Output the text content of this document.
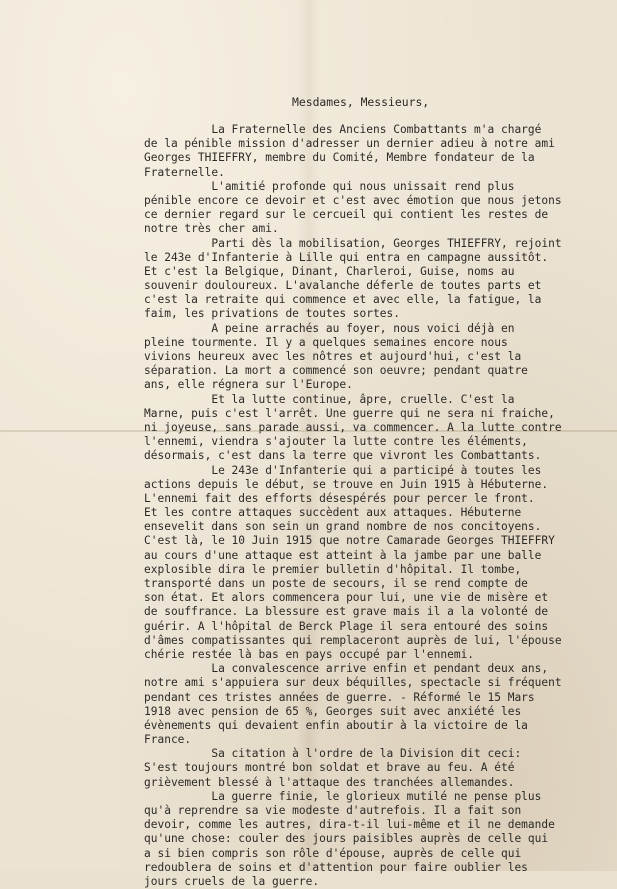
Mesdames, Messieurs,
La Fraternelle des Anciens Combattants m'a chargé
de la pénible mission d'adresser un dernier adieu à notre ami
Georges THIEFFRY, membre du Comité, Membre fondateur de la
Fraternelle.
L'amitié profonde qui nous unissait rend plus
pénible encore ce devoir et c'est avec émotion que nous jetons
ce dernier regard sur le cercueil qui contient les restes de
notre très cher ami.
Parti dès la mobilisation, Georges THIEFFRY, rejoint
le 243e d'Infanterie à Lille qui entra en campagne aussitôt.
Et c'est la Belgique, Dinant, Charleroi, Guise, noms au
souvenir douloureux. L'avalanche déferle de toutes parts et
c'est la retraite qui commence et avec elle, la fatigue, la
faim, les privations de toutes sortes.
A peine arrachés au foyer, nous voici déjà en
pleine tourmente. Il y a quelques semaines encore nous
vivions heureux avec les nôtres et aujourd'hui, c'est la
séparation. La mort a commencé son oeuvre; pendant quatre
ans, elle régnera sur l'Europe.
Et la lutte continue, âpre, cruelle. C'est la
Marne, puis c'est l'arrêt. Une guerre qui ne sera ni fraiche,
ni joyeuse, sans parade aussi, va commencer. A la lutte contre
l'ennemi, viendra s'ajouter la lutte contre les éléments,
désormais, c'est dans la terre que vivront les Combattants.
Le 243e d'Infanterie qui a participé à toutes les
actions depuis le début, se trouve en Juin 1915 à Hébuterne.
L'ennemi fait des efforts désespérés pour percer le front.
Et les contre attaques succèdent aux attaques. Hébuterne
ensevelit dans son sein un grand nombre de nos concitoyens.
C'est là, le 10 Juin 1915 que notre Camarade Georges THIEFFRY
au cours d'une attaque est atteint à la jambe par une balle
explosible dira le premier bulletin d'hôpital. Il tombe,
transporté dans un poste de secours, il se rend compte de
son état. Et alors commencera pour lui, une vie de misère et
de souffrance. La blessure est grave mais il a la volonté de
guérir. A l'hôpital de Berck Plage il sera entouré des soins
d'âmes compatissantes qui remplaceront auprès de lui, l'épouse
chérie restée là bas en pays occupé par l'ennemi.
La convalescence arrive enfin et pendant deux ans,
notre ami s'appuiera sur deux béquilles, spectacle si fréquent
pendant ces tristes années de guerre. - Réformé le 15 Mars
1918 avec pension de 65 %, Georges suit avec anxiété les
évènements qui devaient enfin aboutir à la victoire de la
France.
Sa citation à l'ordre de la Division dit ceci:
S'est toujours montré bon soldat et brave au feu. A été
grièvement blessé à l'attaque des tranchées allemandes.
La guerre finie, le glorieux mutilé ne pense plus
qu'à reprendre sa vie modeste d'autrefois. Il a fait son
devoir, comme les autres, dira-t-il lui-même et il ne demande
qu'une chose: couler des jours paisibles auprès de celle qui
a si bien compris son rôle d'épouse, auprès de celle qui
redoublera de soins et d'attention pour faire oublier les
jours cruels de la guerre.
